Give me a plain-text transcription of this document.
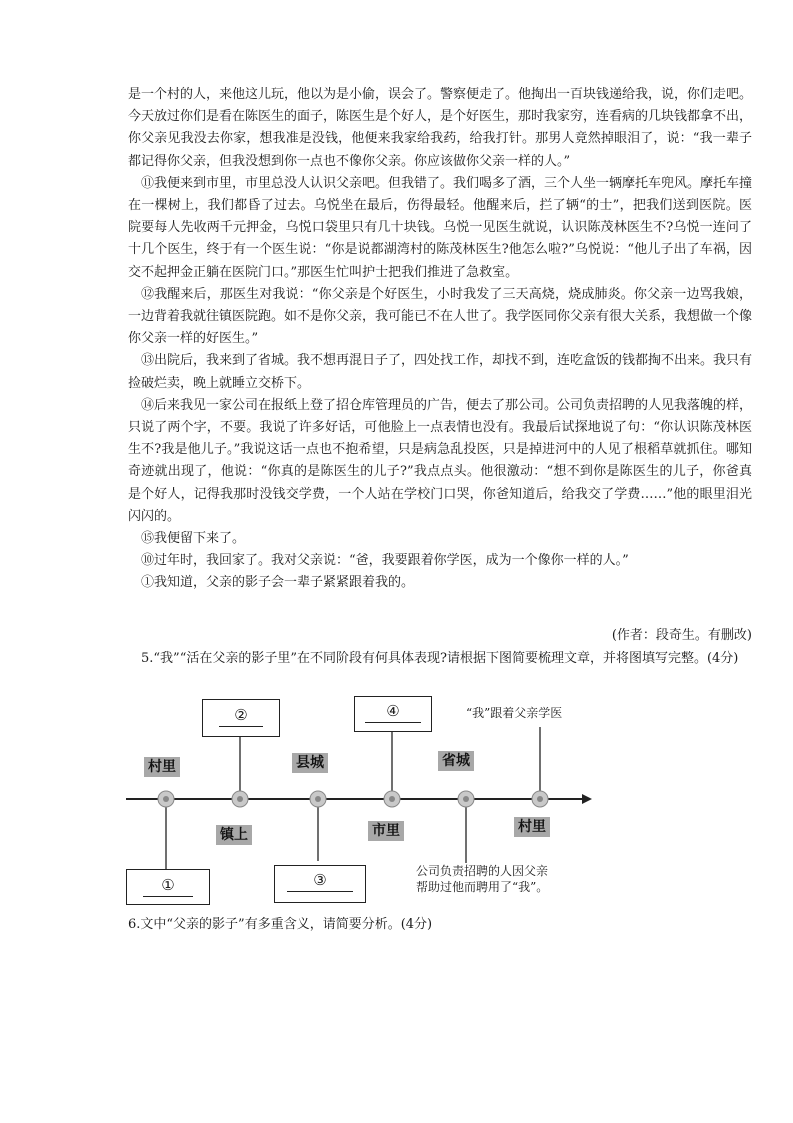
是一个村的人，来他这儿玩，他以为是小偷，误会了。警察便走了。他掏出一百块钱递给我，说，你们走吧。今天放过你们是看在陈医生的面子，陈医生是个好人，是个好医生，那时我家穷，连看病的几块钱都拿不出，你父亲见我没去你家，想我准是没钱，他便来我家给我药，给我打针。那男人竟然掉眼泪了，说：“我一辈子都记得你父亲，但我没想到你一点也不像你父亲。你应该做你父亲一样的人。”

⑪我便来到市里，市里总没人认识父亲吧。但我错了。我们喝多了酒，三个人坐一辆摩托车兜风。摩托车撞在一棵树上，我们都昏了过去。乌悦坐在最后，伤得最轻。他醒来后，拦了辆“的士”，把我们送到医院。医院要每人先收两千元押金，乌悦口袋里只有几十块钱。乌悦一见医生就说，认识陈茂林医生不?乌悦一连问了十几个医生，终于有一个医生说：“你是说都湖湾村的陈茂林医生?他怎么啦?”乌悦说：“他儿子出了车祸，因交不起押金正躺在医院门口。”那医生忙叫护士把我们推进了急救室。

⑫我醒来后，那医生对我说：“你父亲是个好医生，小时我发了三天高烧，烧成肺炎。你父亲一边骂我娘，一边背着我就往镇医院跑。如不是你父亲，我可能已不在人世了。我学医同你父亲有很大关系，我想做一个像你父亲一样的好医生。”

⑬出院后，我来到了省城。我不想再混日子了，四处找工作，却找不到，连吃盒饭的钱都掏不出来。我只有捡破烂卖，晚上就睡立交桥下。

⑭后来我见一家公司在报纸上登了招仓库管理员的广告，便去了那公司。公司负责招聘的人见我落魄的样，只说了两个字，不要。我说了许多好话，可他脸上一点表情也没有。我最后试探地说了句：“你认识陈茂林医生不?我是他儿子。”我说这话一点也不抱希望，只是病急乱投医，只是掉进河中的人见了根稻草就抓住。哪知奇迹就出现了，他说：“你真的是陈医生的儿子?”我点点头。他很激动：“想不到你是陈医生的儿子，你爸真是个好人，记得我那时没钱交学费，一个人站在学校门口哭，你爸知道后，给我交了学费……”他的眼里泪光闪闪的。

⑮我便留下来了。

⑩过年时，我回家了。我对父亲说：“爸，我要跟着你学医，成为一个像你一样的人。”

①我知道，父亲的影子会一辈子紧紧跟着我的。

(作者：段奇生。有删改)
5.“我”“活在父亲的影子里”在不同阶段有何具体表现?请根据下图简要梳理文章，并将图填写完整。(4分)
②	④
①	③
村里	县城	省城
镇上	市里	村里
“我”跟着父亲学医
公司负责招聘的人因父亲
帮助过他而聘用了“我”。
6.文中“父亲的影子”有多重含义，请简要分析。(4分)
